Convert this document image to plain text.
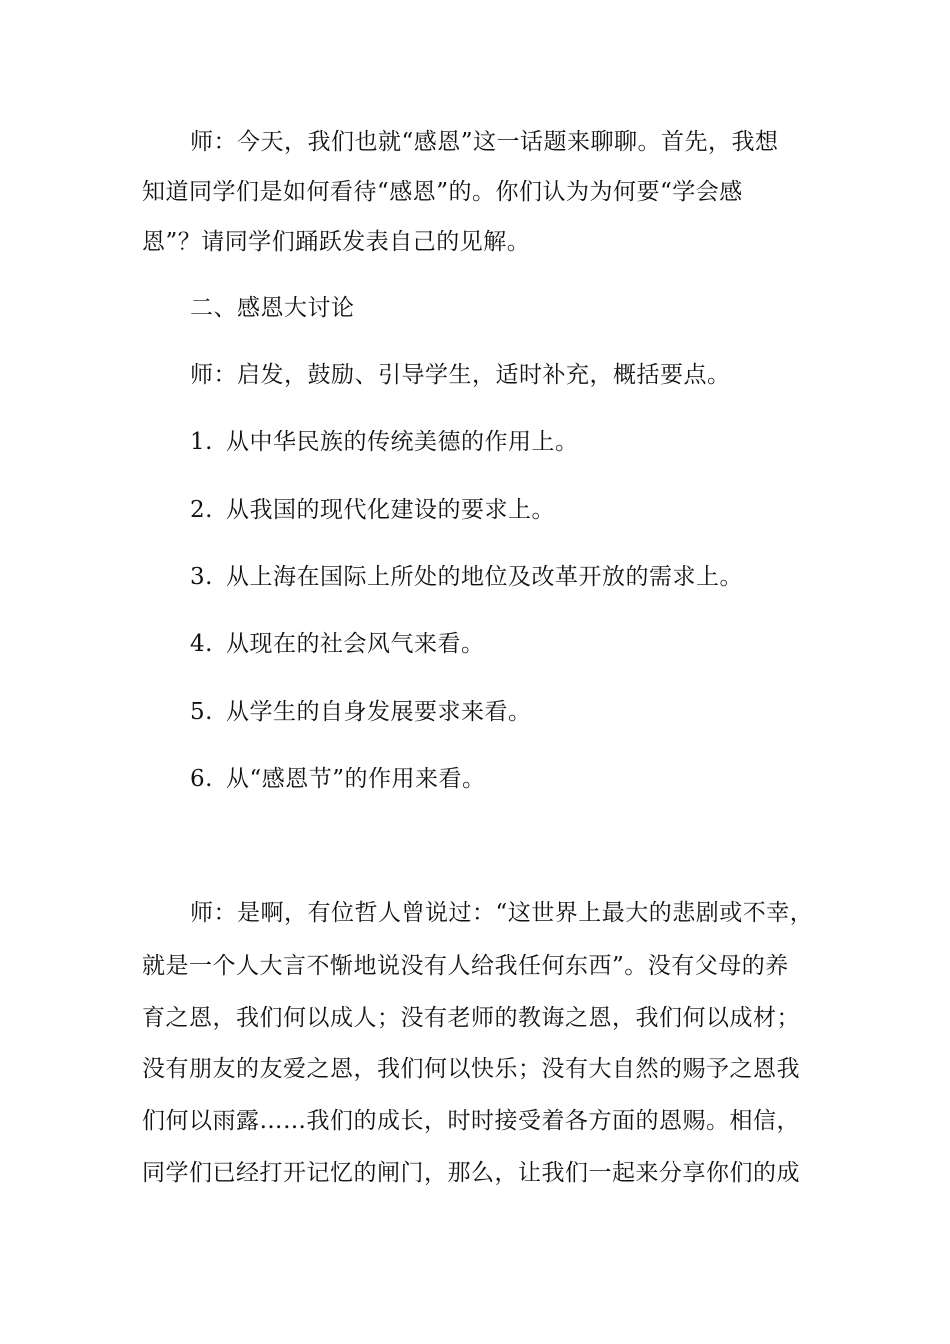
师：今天，我们也就“感恩”这一话题来聊聊。首先，我想
知道同学们是如何看待“感恩”的。你们认为为何要“学会感
恩”？请同学们踊跃发表自己的见解。
二、感恩大讨论
师：启发，鼓励、引导学生，适时补充，概括要点。
1. 从中华民族的传统美德的作用上。
2. 从我国的现代化建设的要求上。
3. 从上海在国际上所处的地位及改革开放的需求上。
4. 从现在的社会风气来看。
5. 从学生的自身发展要求来看。
6. 从“感恩节”的作用来看。
师：是啊，有位哲人曾说过：“这世界上最大的悲剧或不幸，
就是一个人大言不惭地说没有人给我任何东西”。没有父母的养
育之恩，我们何以成人；没有老师的教诲之恩，我们何以成材；
没有朋友的友爱之恩，我们何以快乐；没有大自然的赐予之恩我
们何以雨露……我们的成长，时时接受着各方面的恩赐。相信，
同学们已经打开记忆的闸门，那么，让我们一起来分享你们的成
